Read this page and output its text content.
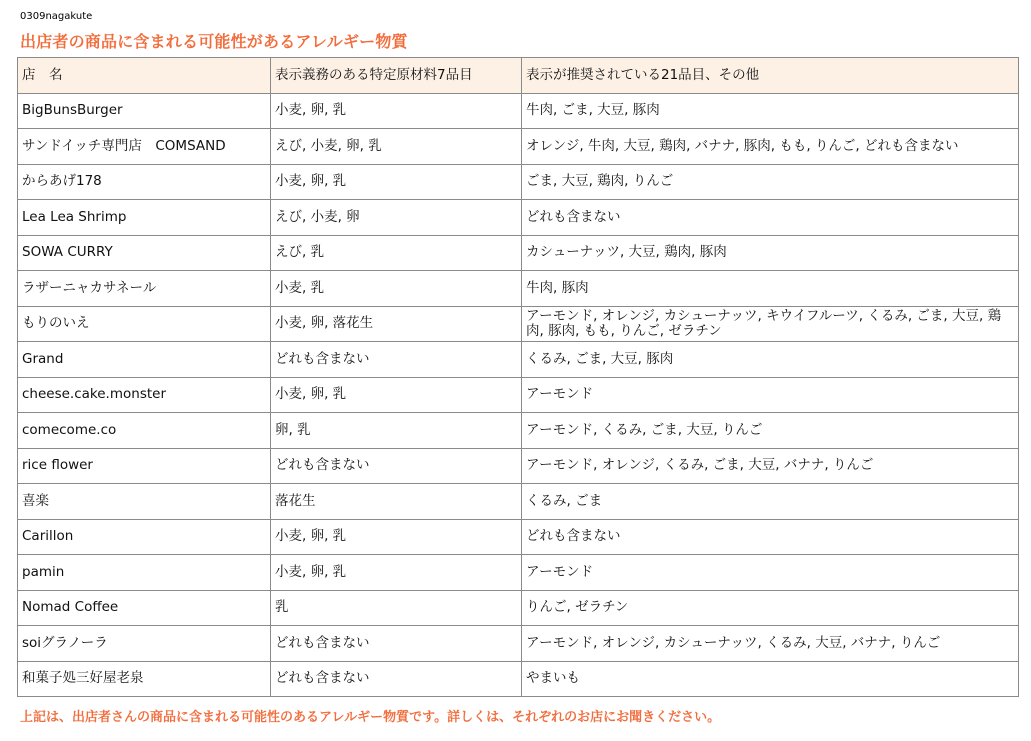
0309nagakute
出店者の商品に含まれる可能性があるアレルギー物質
店　名	表示義務のある特定原材料7品目	表示が推奨されている21品目、その他
BigBunsBurger	小麦, 卵, 乳	牛肉, ごま, 大豆, 豚肉
サンドイッチ専門店　COMSAND	えび, 小麦, 卵, 乳	オレンジ, 牛肉, 大豆, 鶏肉, バナナ, 豚肉, もも, りんご, どれも含まない
からあげ178	小麦, 卵, 乳	ごま, 大豆, 鶏肉, りんご
Lea Lea Shrimp	えび, 小麦, 卵	どれも含まない
SOWA CURRY	えび, 乳	カシューナッツ, 大豆, 鶏肉, 豚肉
ラザーニャカサネール	小麦, 乳	牛肉, 豚肉
もりのいえ	小麦, 卵, 落花生	アーモンド, オレンジ, カシューナッツ, キウイフルーツ, くるみ, ごま, 大豆, 鶏肉, 豚肉, もも, りんご, ゼラチン
Grand	どれも含まない	くるみ, ごま, 大豆, 豚肉
cheese.cake.monster	小麦, 卵, 乳	アーモンド
comecome.co	卵, 乳	アーモンド, くるみ, ごま, 大豆, りんご
rice flower	どれも含まない	アーモンド, オレンジ, くるみ, ごま, 大豆, バナナ, りんご
喜楽	落花生	くるみ, ごま
Carillon	小麦, 卵, 乳	どれも含まない
pamin	小麦, 卵, 乳	アーモンド
Nomad Coffee	乳	りんご, ゼラチン
soiグラノーラ	どれも含まない	アーモンド, オレンジ, カシューナッツ, くるみ, 大豆, バナナ, りんご
和菓子処三好屋老泉	どれも含まない	やまいも
上記は、出店者さんの商品に含まれる可能性のあるアレルギー物質です。詳しくは、それぞれのお店にお聞きください。
